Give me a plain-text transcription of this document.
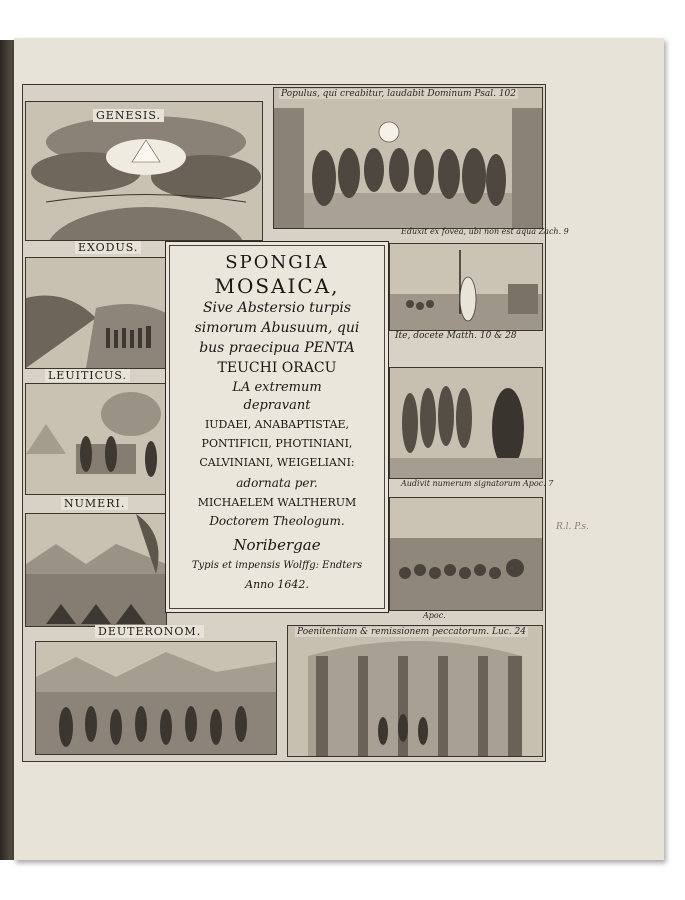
GENESIS.
EXODUS.
LEUITICUS.
NUMERI.
DEUTERONOM.
Populus, qui creabitur, laudabit Dominum Psal. 102
Eduxit ex fovea, ubi non est aqua Zach. 9
Ite, docete Matth. 10 & 28
Audivit numerum signatorum Apoc. 7
Apoc.
Poenitentiam & remissionem peccatorum. Luc. 24
SPONGIA
MOSAICA,
Sive Abstersio turpis
simorum Abusuum, qui
bus praecipua PENTA
TEUCHI ORACU
LA extremum
depravant
IUDAEI, ANABAPTISTAE,
PONTIFICII, PHOTINIANI,
CALVINIANI, WEIGELIANI:
adornata per.
MICHAELEM WALTHERUM
Doctorem Theologum.
Noribergae
Typis et impensis Wolffg: Endters
Anno 1642.
R.l. P.s.
